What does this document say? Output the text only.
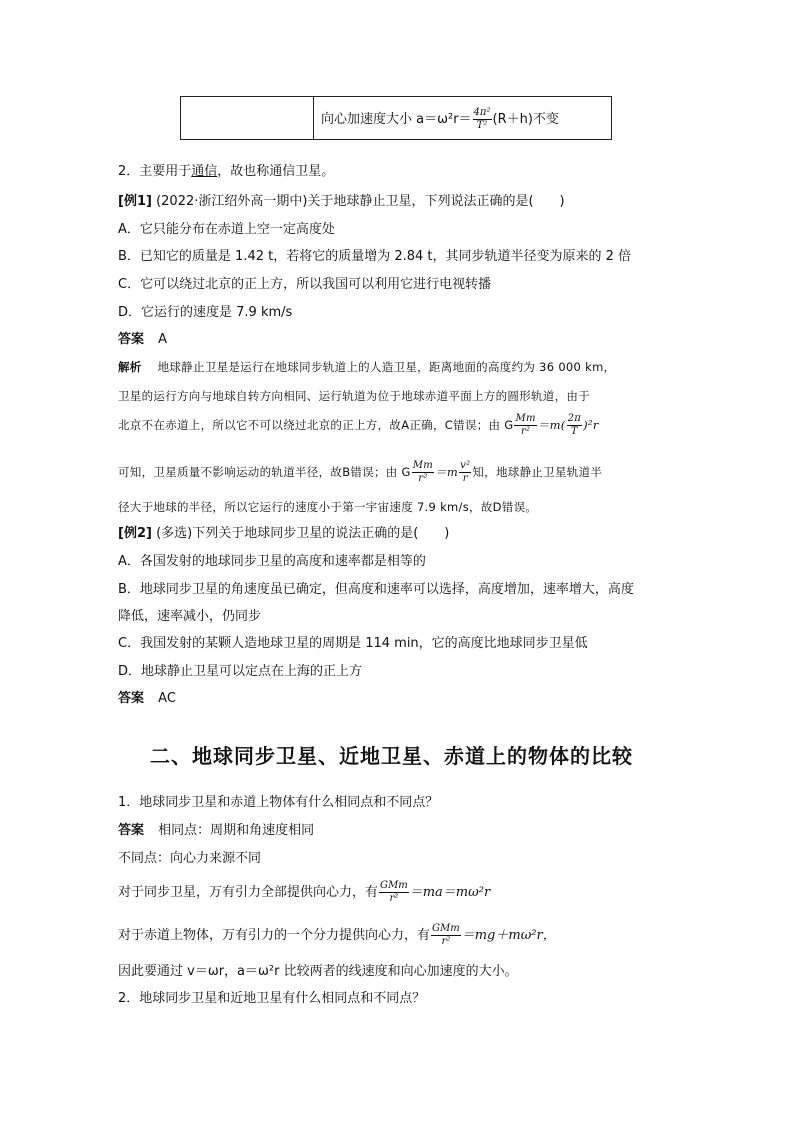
向心加速度大小 $a=\omega^2r= \frac{\text{4π²}}{\text{T²}} (R+h)$不变
2．主要用于通信，故也称通信卫星。
[例1] (2022·浙江绍外高一期中)关于地球静止卫星，下列说法正确的是(　　)
A．它只能分布在赤道上空一定高度处
B．已知它的质量是 1.42 t，若将它的质量增为 2.84 t，其同步轨道半径变为原来的 2 倍
C．它可以绕过北京的正上方，所以我国可以利用它进行电视转播
D．它运行的速度是 7.9 km/s
答案 A
解析 地球静止卫星是运行在地球同步轨道上的人造卫星，距离地面的高度约为 36 000 km，
卫星的运行方向与地球自转方向相同、运行轨道为位于地球赤道平面上方的圆形轨道，由于
北京不在赤道上，所以它不可以绕过北京的正上方，故A正确，C错误；由 G $\frac{Mm}{\text{r²}} =m( \frac{2\pi}{T} )^2r$
可知，卫星质量不影响运动的轨道半径，故B错误；由 G $\frac{Mm}{\text{r²}} =m \frac{\text{v²}}{r}$ 知，地球静止卫星轨道半
径大于地球的半径，所以它运行的速度小于第一宇宙速度 7.9 km/s，故D错误。
[例2] (多选)下列关于地球同步卫星的说法正确的是(　　)
A．各国发射的地球同步卫星的高度和速率都是相等的
B．地球同步卫星的角速度虽已确定，但高度和速率可以选择，高度增加，速率增大，高度
降低，速率减小，仍同步
C．我国发射的某颗人造地球卫星的周期是 114 min，它的高度比地球同步卫星低
D．地球静止卫星可以定点在上海的正上方
答案 AC
二、地球同步卫星、近地卫星、赤道上的物体的比较
1．地球同步卫星和赤道上物体有什么相同点和不同点？
答案 相同点：周期和角速度相同
不同点：向心力来源不同
对于同步卫星，万有引力全部提供向心力，有 $\frac{\text{GMm}}{\text{r²}} =ma=m\omega^2r$
对于赤道上物体，万有引力的一个分力提供向心力，有 $\frac{\text{GMm}}{\text{r²}} =mg+m\omega^2r$，
因此要通过 v＝ωr，a＝ω²r 比较两者的线速度和向心加速度的大小。
2．地球同步卫星和近地卫星有什么相同点和不同点？
